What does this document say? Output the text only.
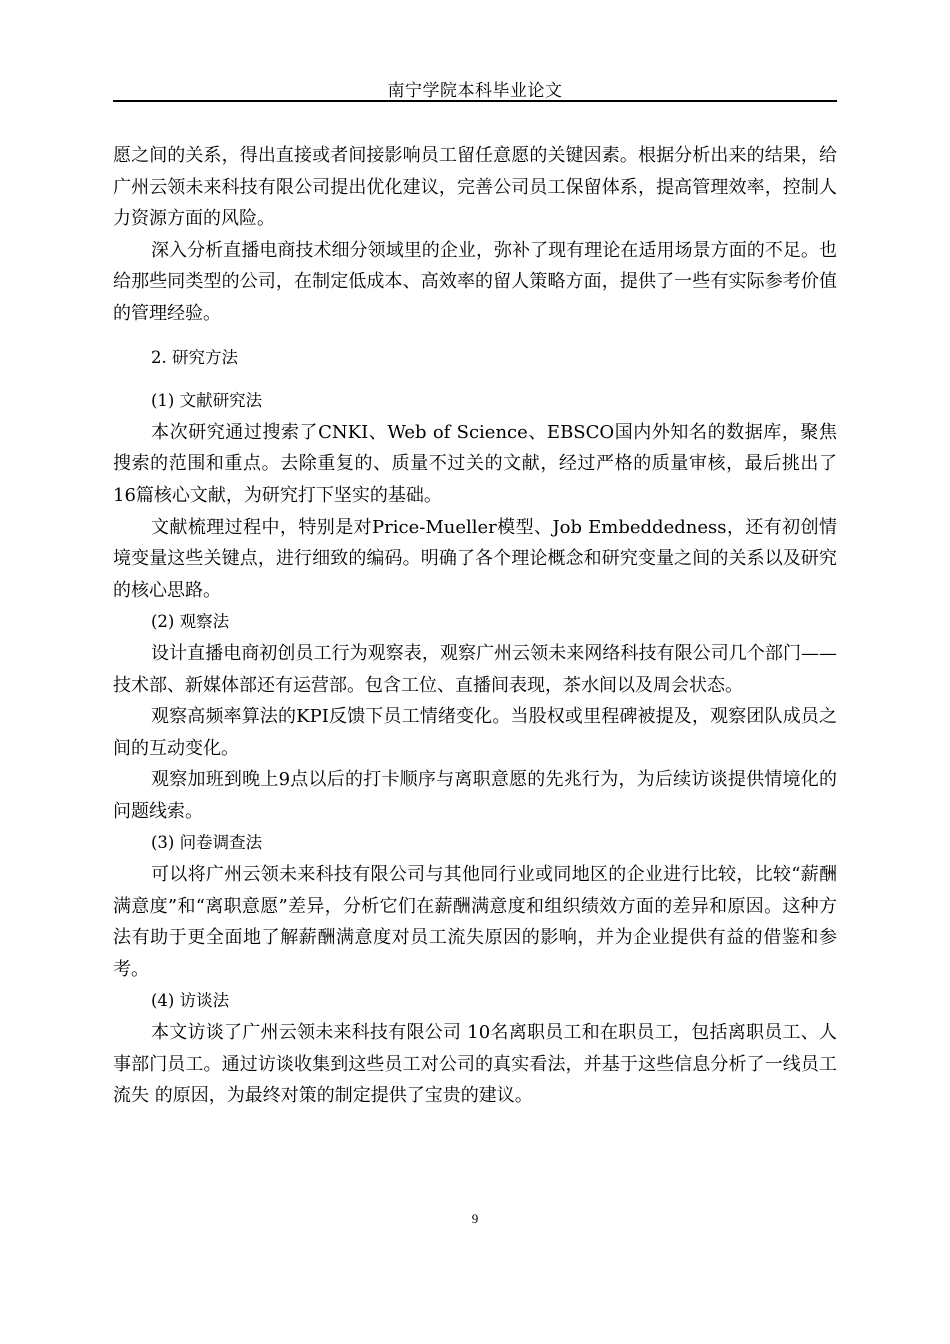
南宁学院本科毕业论文

愿之间的关系，得出直接或者间接影响员工留任意愿的关键因素。根据分析出来的结果，给广州云领未来科技有限公司提出优化建议，完善公司员工保留体系，提高管理效率，控制人力资源方面的风险。

深入分析直播电商技术细分领域里的企业，弥补了现有理论在适用场景方面的不足。也给那些同类型的公司，在制定低成本、高效率的留人策略方面，提供了一些有实际参考价值的管理经验。

2. 研究方法

(1) 文献研究法

本次研究通过搜索了CNKI、Web of Science、EBSCO国内外知名的数据库，聚焦搜索的范围和重点。去除重复的、质量不过关的文献，经过严格的质量审核，最后挑出了16篇核心文献，为研究打下坚实的基础。

文献梳理过程中，特别是对Price-Mueller模型、Job Embeddedness，还有初创情境变量这些关键点，进行细致的编码。明确了各个理论概念和研究变量之间的关系以及研究的核心思路。

(2) 观察法

设计直播电商初创员工行为观察表，观察广州云领未来网络科技有限公司几个部门——技术部、新媒体部还有运营部。包含工位、直播间表现，茶水间以及周会状态。

观察高频率算法的KPI反馈下员工情绪变化。当股权或里程碑被提及，观察团队成员之间的互动变化。

观察加班到晚上9点以后的打卡顺序与离职意愿的先兆行为，为后续访谈提供情境化的问题线索。

(3) 问卷调查法

可以将广州云领未来科技有限公司与其他同行业或同地区的企业进行比较，比较“薪酬满意度”和“离职意愿”差异，分析它们在薪酬满意度和组织绩效方面的差异和原因。这种方法有助于更全面地了解薪酬满意度对员工流失原因的影响，并为企业提供有益的借鉴和参考。

(4) 访谈法

本文访谈了广州云领未来科技有限公司 10名离职员工和在职员工，包括离职员工、人事部门员工。通过访谈收集到这些员工对公司的真实看法，并基于这些信息分析了一线员工流失 的原因，为最终对策的制定提供了宝贵的建议。

9
